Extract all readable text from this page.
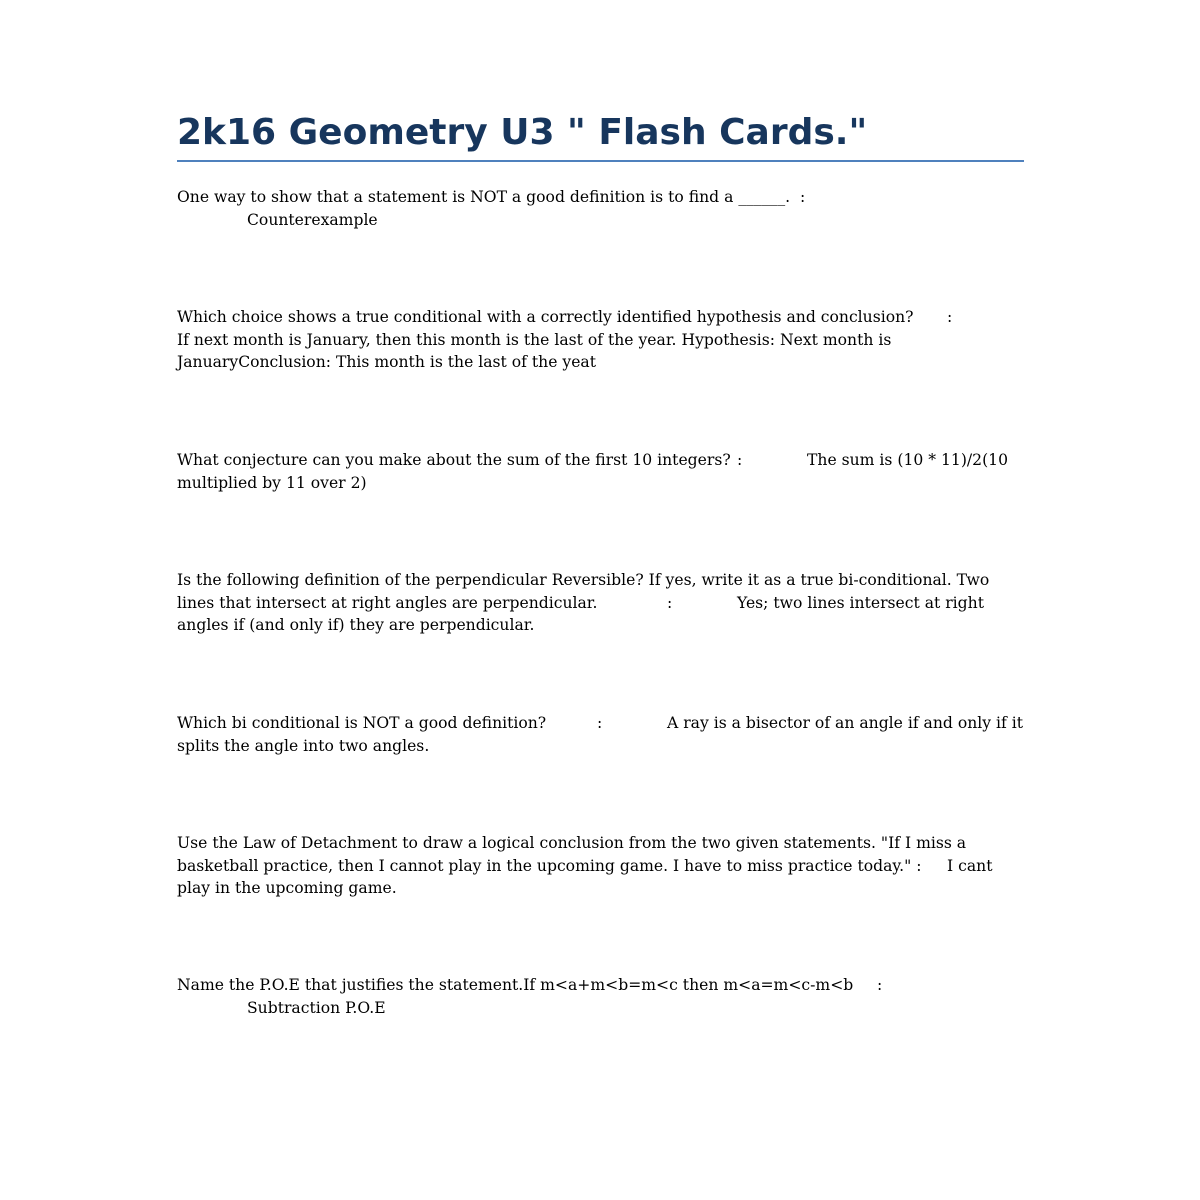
2k16 Geometry U3 " Flash Cards."
One way to show that a statement is NOT a good definition is to find a ______.  :
	Counterexample
Which choice shows a true conditional with a correctly identified hypothesis and conclusion?	:	If next month is January, then this month is the last of the year. Hypothesis: Next month is JanuaryConclusion: This month is the last of the yeat
What conjecture can you make about the sum of the first 10 integers?	:	The sum is (10 * 11)/2(10 multiplied by 11 over 2)
Is the following definition of the perpendicular Reversible? If yes, write it as a true bi-conditional. Two lines that intersect at right angles are perpendicular.	:	Yes; two lines intersect at right angles if (and only if) they are perpendicular.
Which bi conditional is NOT a good definition?	:	A ray is a bisector of an angle if and only if it splits the angle into two angles.
Use the Law of Detachment to draw a logical conclusion from the two given statements. "If I miss a basketball practice, then I cannot play in the upcoming game. I have to miss practice today." :	I cant play in the upcoming game.
Name the P.O.E that justifies the statement.If m<a+m<b=m<c then m<a=m<c-m<b	:
	Subtraction P.O.E
